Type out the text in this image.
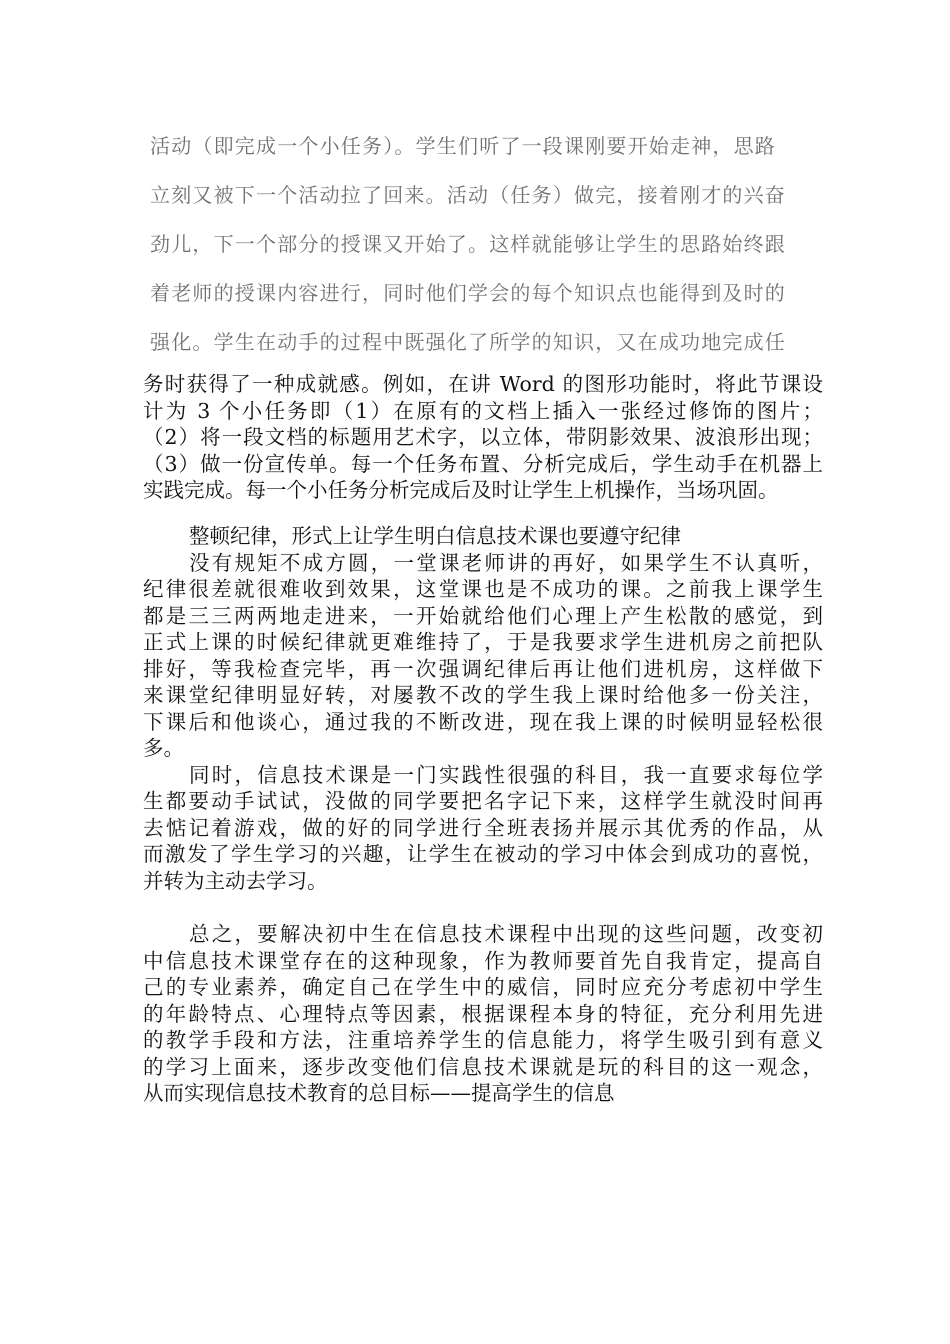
活动（即完成一个小任务）。学生们听了一段课刚要开始走神，思路
立刻又被下一个活动拉了回来。活动（任务）做完，接着刚才的兴奋
劲儿，下一个部分的授课又开始了。这样就能够让学生的思路始终跟
着老师的授课内容进行，同时他们学会的每个知识点也能得到及时的
强化。学生在动手的过程中既强化了所学的知识，又在成功地完成任
务时获得了一种成就感。例如，在讲 Word 的图形功能时，将此节课设
计为 3 个小任务即（1）在原有的文档上插入一张经过修饰的图片；
（2）将一段文档的标题用艺术字，以立体，带阴影效果、波浪形出现；
（3）做一份宣传单。每一个任务布置、分析完成后，学生动手在机器上
实践完成。每一个小任务分析完成后及时让学生上机操作，当场巩固。
整顿纪律，形式上让学生明白信息技术课也要遵守纪律
没有规矩不成方圆，一堂课老师讲的再好，如果学生不认真听，
纪律很差就很难收到效果，这堂课也是不成功的课。之前我上课学生
都是三三两两地走进来，一开始就给他们心理上产生松散的感觉，到
正式上课的时候纪律就更难维持了，于是我要求学生进机房之前把队
排好，等我检查完毕，再一次强调纪律后再让他们进机房，这样做下
来课堂纪律明显好转，对屡教不改的学生我上课时给他多一份关注，
下课后和他谈心，通过我的不断改进，现在我上课的时候明显轻松很
多。
同时，信息技术课是一门实践性很强的科目，我一直要求每位学
生都要动手试试，没做的同学要把名字记下来，这样学生就没时间再
去惦记着游戏，做的好的同学进行全班表扬并展示其优秀的作品，从
而激发了学生学习的兴趣，让学生在被动的学习中体会到成功的喜悦，
并转为主动去学习。
总之，要解决初中生在信息技术课程中出现的这些问题，改变初
中信息技术课堂存在的这种现象，作为教师要首先自我肯定，提高自
己的专业素养，确定自己在学生中的威信，同时应充分考虑初中学生
的年龄特点、心理特点等因素，根据课程本身的特征，充分利用先进
的教学手段和方法，注重培养学生的信息能力，将学生吸引到有意义
的学习上面来，逐步改变他们信息技术课就是玩的科目的这一观念，
从而实现信息技术教育的总目标——提高学生的信息
